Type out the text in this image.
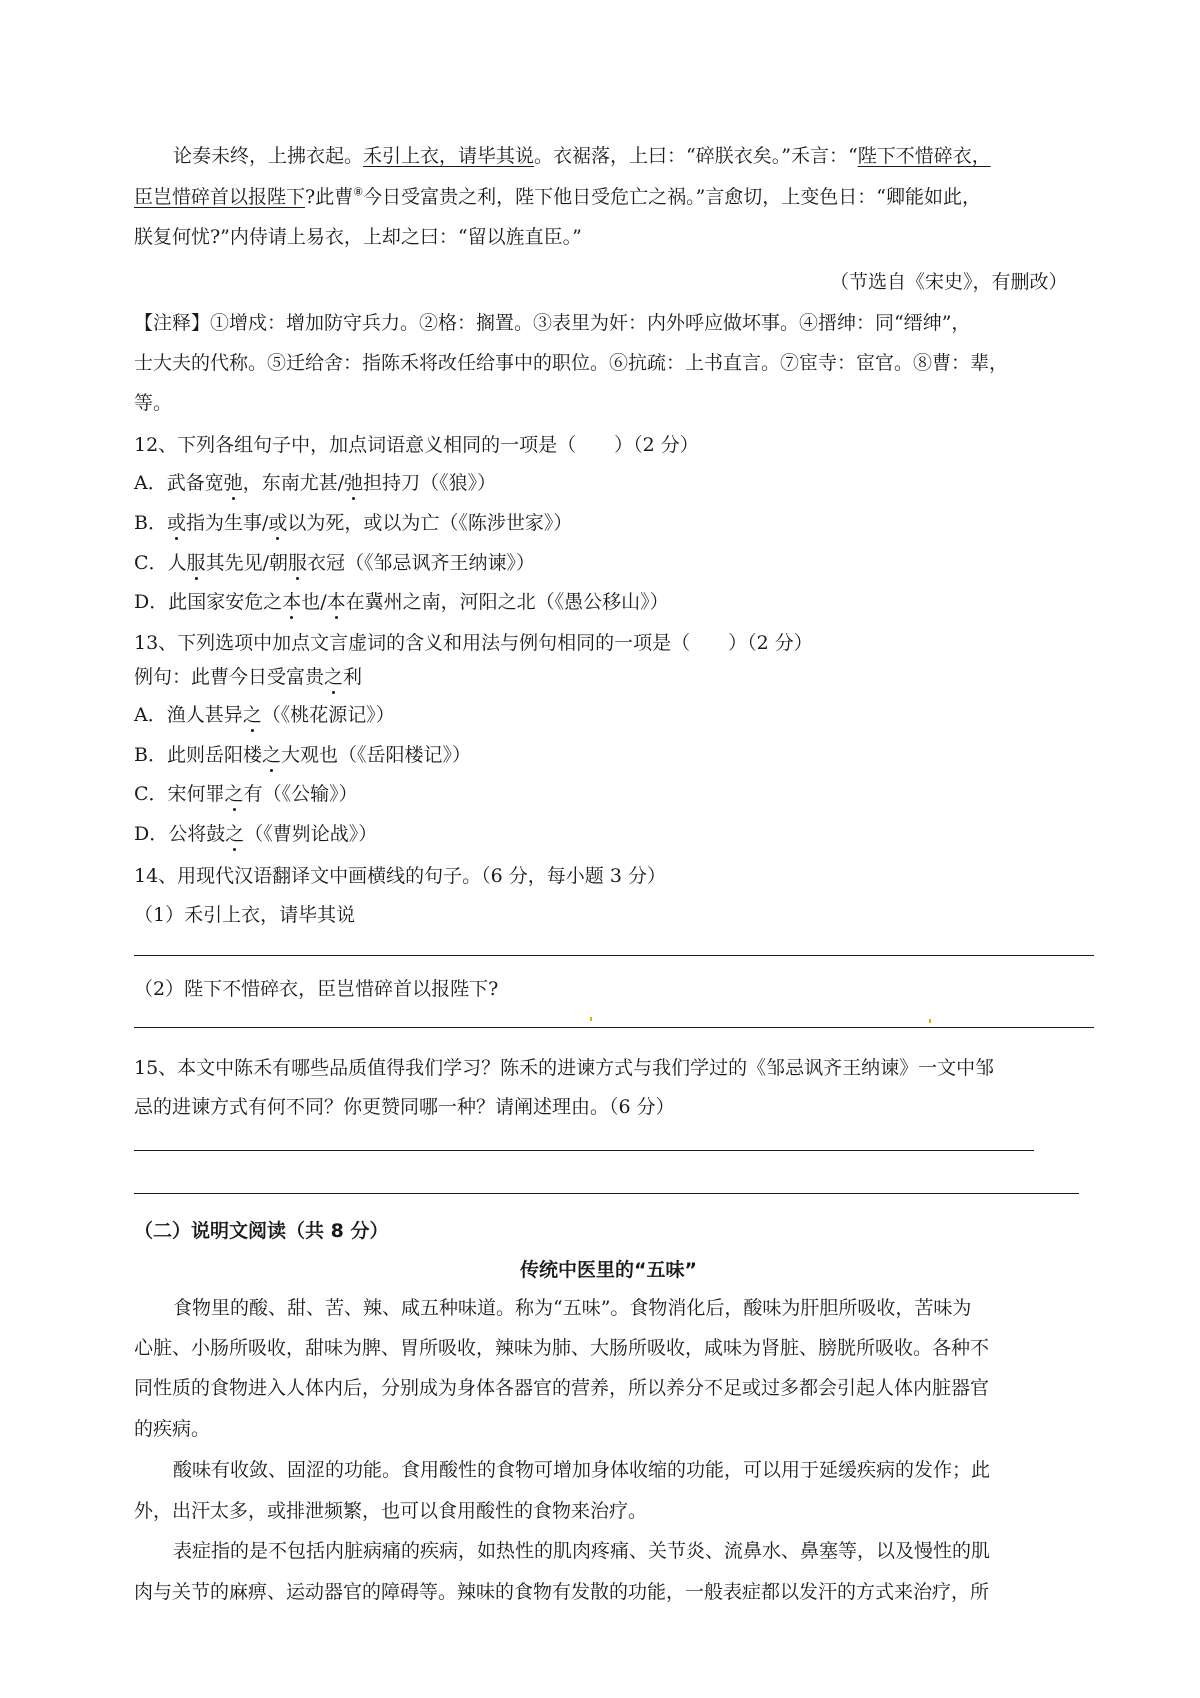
论奏未终，上拂衣起。禾引上衣，请毕其说。衣裾落，上曰：“碎朕衣矣。”禾言：“陛下不惜碎衣，
臣岂惜碎首以报陛下?此曹⑧今日受富贵之利，陛下他日受危亡之祸。”言愈切，上变色日：“卿能如此，
朕复何忧?”内侍请上易衣，上却之曰：“留以旌直臣。”
（节选自《宋史》，有删改）
【注释】①增戍：增加防守兵力。②格：搁置。③表里为奸：内外呼应做坏事。④搢绅：同“缙绅”，
士大夫的代称。⑤迁给舍：指陈禾将改任给事中的职位。⑥抗疏：上书直言。⑦宦寺：宦官。⑧曹：辈，
等。
12、下列各组句子中，加点词语意义相同的一项是（　　）（2 分）
A．武备宽弛，东南尤甚/弛担持刀（《狼》）
B．或指为生事/或以为死，或以为亡（《陈涉世家》）
C．人服其先见/朝服衣冠（《邹忌讽齐王纳谏》）
D．此国家安危之本也/本在冀州之南，河阳之北（《愚公移山》）
13、下列选项中加点文言虚词的含义和用法与例句相同的一项是（　　）（2 分）
例句：此曹今日受富贵之利
A．渔人甚异之（《桃花源记》）
B．此则岳阳楼之大观也（《岳阳楼记》）
C．宋何罪之有（《公输》）
D．公将鼓之（《曹刿论战》）
14、用现代汉语翻译文中画横线的句子。（6 分，每小题 3 分）
（1）禾引上衣，请毕其说
（2）陛下不惜碎衣，臣岂惜碎首以报陛下?
15、本文中陈禾有哪些品质值得我们学习？陈禾的进谏方式与我们学过的《邹忌讽齐王纳谏》一文中邹
忌的进谏方式有何不同？你更赞同哪一种？请阐述理由。（6 分）
（二）说明文阅读（共 8 分）
传统中医里的“五味”
食物里的酸、甜、苦、辣、咸五种味道。称为“五味”。食物消化后，酸味为肝胆所吸收，苦味为
心脏、小肠所吸收，甜味为脾、胃所吸收，辣味为肺、大肠所吸收，咸味为肾脏、膀胱所吸收。各种不
同性质的食物进入人体内后，分别成为身体各器官的营养，所以养分不足或过多都会引起人体内脏器官
的疾病。
酸味有收敛、固涩的功能。食用酸性的食物可增加身体收缩的功能，可以用于延缓疾病的发作；此
外，出汗太多，或排泄频繁，也可以食用酸性的食物来治疗。
表症指的是不包括内脏病痛的疾病，如热性的肌肉疼痛、关节炎、流鼻水、鼻塞等，以及慢性的肌
肉与关节的麻痹、运动器官的障碍等。辣味的食物有发散的功能，一般表症都以发汗的方式来治疗，所
